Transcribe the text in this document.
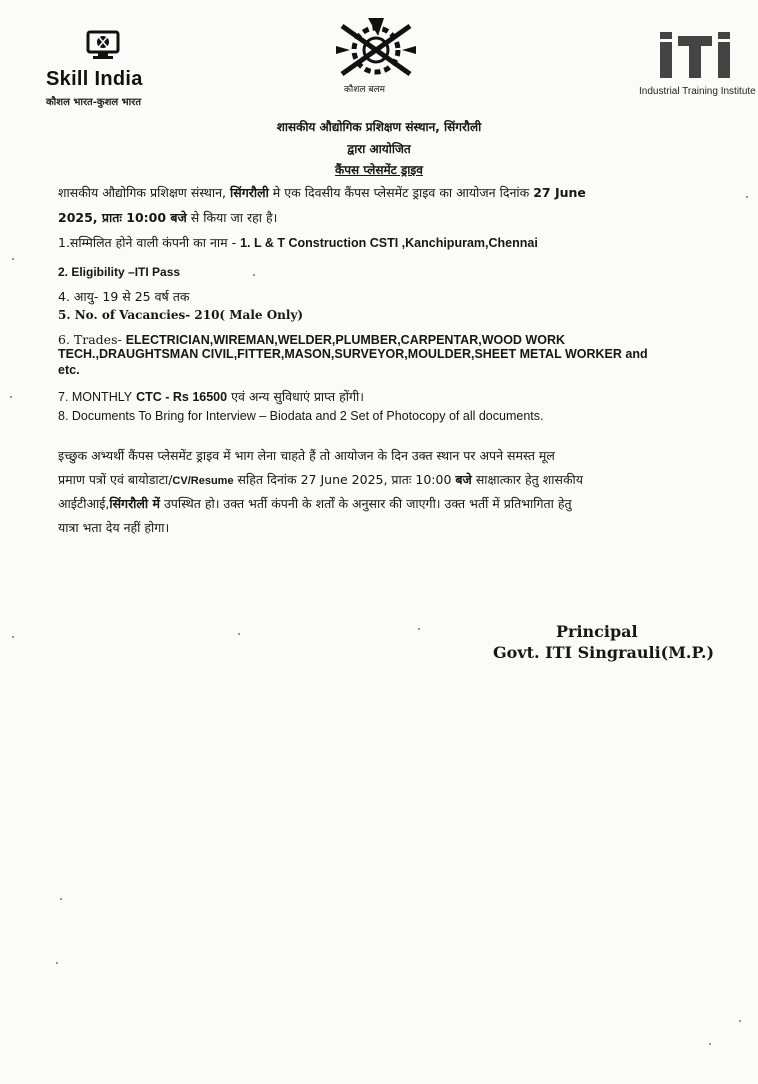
Skill India
कौशल भारत-कुशल भारत
कौशल बलम	Industrial Training Institute
शासकीय औद्योगिक प्रशिक्षण संस्थान, सिंगरौली
द्वारा आयोजित
कैंपस प्लेसमेंट ड्राइव
शासकीय औद्योगिक प्रशिक्षण संस्थान, सिंगरौली मे एक दिवसीय कैंपस प्लेसमेंट ड्राइव का आयोजन दिनांक 27 June
2025, प्रातः 10:00 बजे से किया जा रहा है।
1.सम्मिलित होने वाली कंपनी का नाम - 1. L & T Construction CSTI ,Kanchipuram,Chennai
2. Eligibility –ITI Pass
4. आयु- 19 से 25 वर्ष तक
5. No. of Vacancies- 210( Male Only)
6. Trades- ELECTRICIAN,WIREMAN,WELDER,PLUMBER,CARPENTAR,WOOD WORK
TECH.,DRAUGHTSMAN CIVIL,FITTER,MASON,SURVEYOR,MOULDER,SHEET METAL WORKER and
etc.
7. MONTHLY CTC - Rs 16500 एवं अन्य सुविधाएं प्राप्त होंगी।
8. Documents To Bring for Interview – Biodata and 2 Set of Photocopy of all documents.
इच्छुक अभ्यर्थी कैंपस प्लेसमेंट ड्राइव में भाग लेना चाहते हैं तो आयोजन के दिन उक्त स्थान पर अपने समस्त मूल
प्रमाण पत्रों एवं बायोडाटा/CV/Resume सहित दिनांक 27 June 2025, प्रातः 10:00 बजे साक्षात्कार हेतु शासकीय
आईटीआई,सिंगरौली में उपस्थित हो। उक्त भर्ती कंपनी के शर्तों के अनुसार की जाएगी। उक्त भर्ती में प्रतिभागिता हेतु
यात्रा भता देय नहीं होगा।
Principal
Govt. ITI Singrauli(M.P.)
